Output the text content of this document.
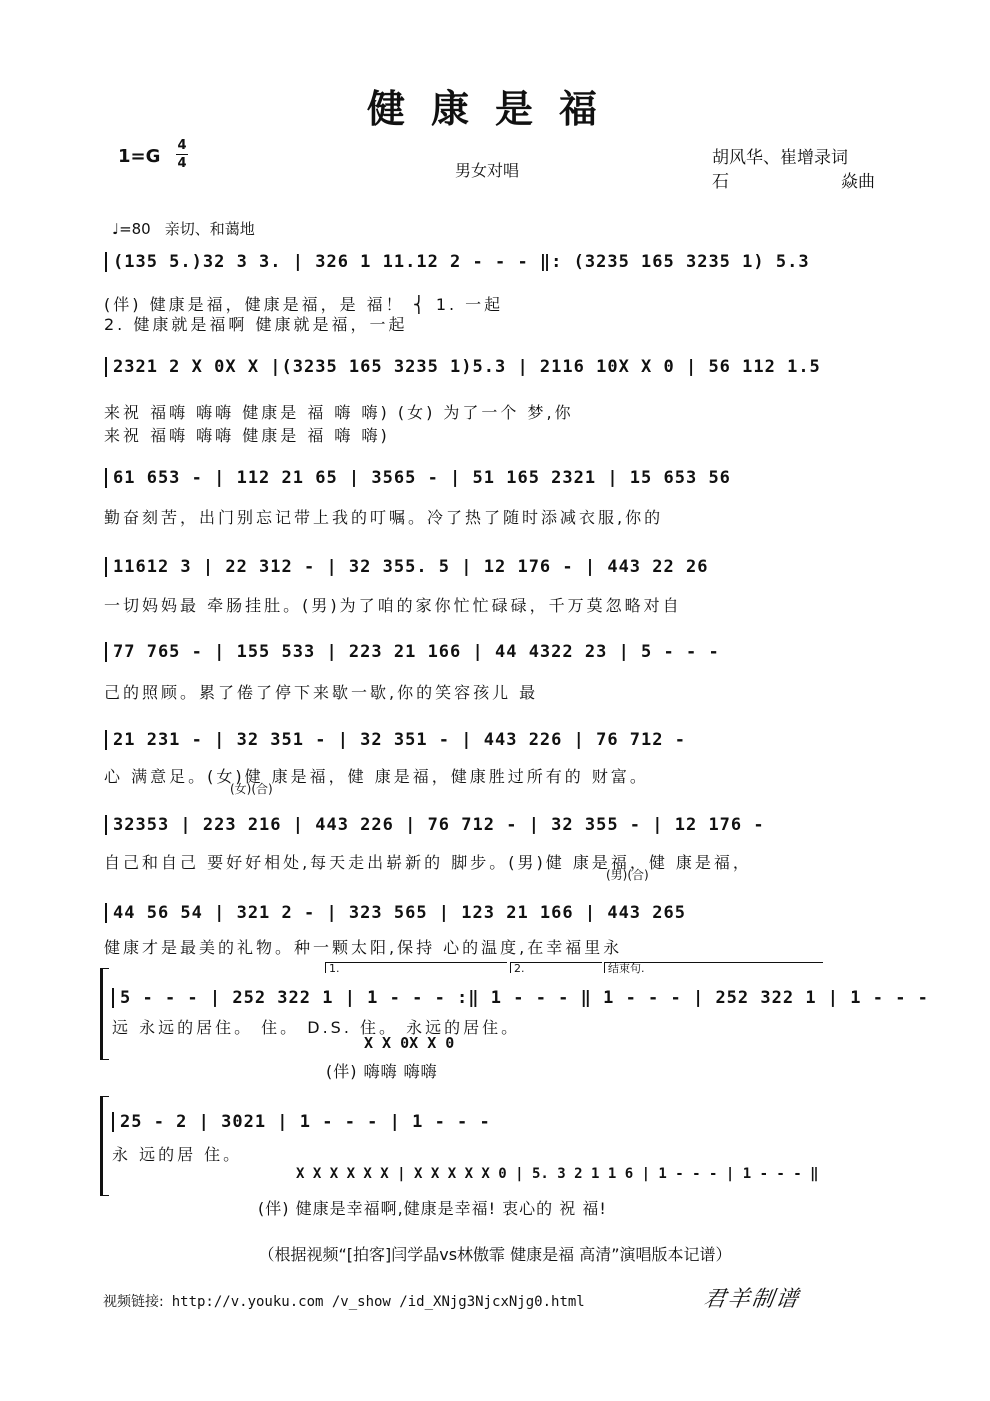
健康是福
1=G
4
4	男女对唱
胡风华、崔增录词
石	焱曲
♩=80 亲切、和蔼地
(135 5.)32 3 3. | 326 1 11.12 2 - - - ‖: (3235 165 3235 1) 5.3
(伴) 健康是福，健康是福，是 福！ ⎨ 1. 一起
2. 健康就是福啊 健康就是福，一起
2321 2 X 0X X |(3235 165 3235 1)5.3 | 2116 10X X 0 | 56 112 1.5
来祝 福嗨 嗨嗨 健康是 福 嗨 嗨) (女) 为了一个 梦,你
来祝 福嗨 嗨嗨 健康是 福 嗨 嗨)
61 653 - | 112 21 65 | 3565 - | 51 165 2321 | 15 653 56
勤奋刻苦，出门别忘记带上我的叮嘱。冷了热了随时添减衣服,你的
11612 3 | 22 312 - | 32 355. 5 | 12 176 - | 443 22 26
一切妈妈最 牵肠挂肚。(男)为了咱的家你忙忙碌碌，千万莫忽略对自
77 765 - | 155 533 | 223 21 166 | 44 4322 23 | 5 - - -
己的照顾。累了倦了停下来歇一歇,你的笑容孩儿 最
21 231 - | 32 351 - | 32 351 - | 443 226 | 76 712 -
心 满意足。(女)健 康是福，健 康是福，健康胜过所有的 财富。
(女)(合)
32353 | 223 216 | 443 226 | 76 712 - | 32 355 - | 12 176 -
自己和自己 要好好相处,每天走出崭新的 脚步。(男)健 康是福，健 康是福，
(男)(合)
44 56 54 | 321 2 - | 323 565 | 123 21 166 | 443 265
健康才是最美的礼物。种一颗太阳,保持 心的温度,在幸福里永
1.	2.	结束句.
5 - - - | 252 322 1 | 1 - - - :‖ 1 - - - ‖ 1 - - - | 252 322 1 | 1 - - -
远 永远的居住。 住。 D.S. 住。 永远的居住。
X X 0X X 0
(伴) 嗨嗨 嗨嗨
25 - 2 | 3021 | 1 - - - | 1 - - -
永 远的居 住。
X X X X X X | X X X X X 0 | 5. 3 2 1 1 6 | 1 - - - | 1 - - - ‖
(伴) 健康是幸福啊,健康是幸福! 衷心的 祝 福!
（根据视频“[拍客]闫学晶vs林傲霏 健康是福 高清”演唱版本记谱）
视频链接: http://v.youku.com /v_show /id_XNjg3NjcxNjg0.html	君羊制谱
